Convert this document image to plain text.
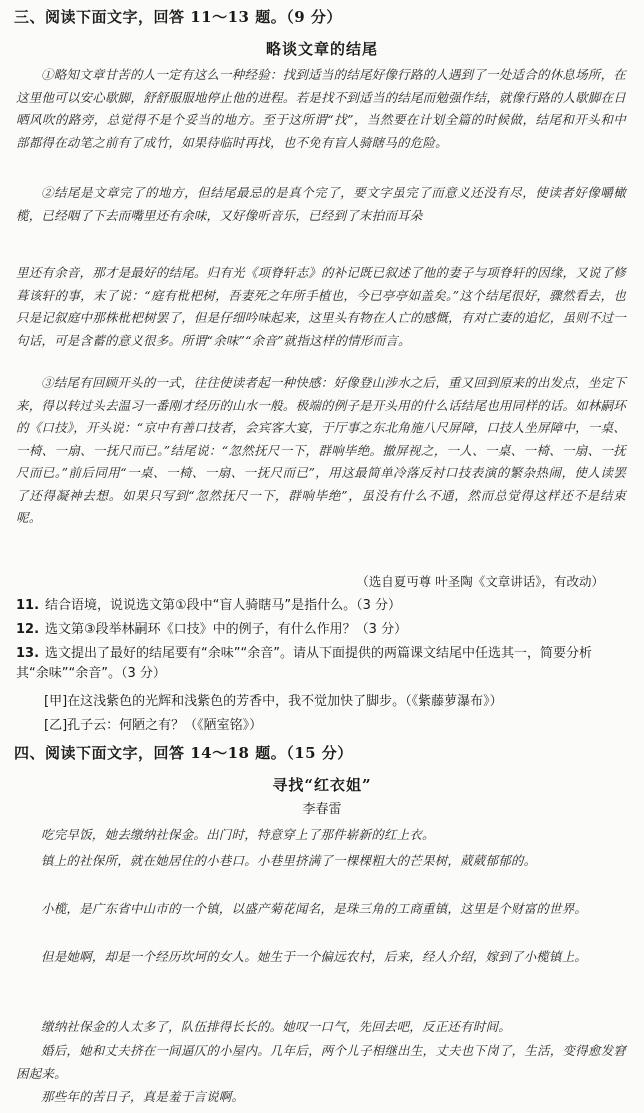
三、阅读下面文字，回答 11～13 题。（9 分）
略谈文章的结尾
①略知文章甘苦的人一定有这么一种经验：找到适当的结尾好像行路的人遇到了一处适合的休息场所，在这里他可以安心歇脚，舒舒服服地停止他的进程。若是找不到适当的结尾而勉强作结，就像行路的人歇脚在日晒风吹的路旁，总觉得不是个妥当的地方。至于这所谓“找”，当然要在计划全篇的时候做，结尾和开头和中部都得在动笔之前有了成竹，如果待临时再找，也不免有盲人骑瞎马的危险。
②结尾是文章完了的地方，但结尾最忌的是真个完了，要文字虽完了而意义还没有尽，使读者好像嚼橄榄，已经咽了下去而嘴里还有余味，又好像听音乐，已经到了末拍而耳朵
里还有余音，那才是最好的结尾。归有光《项脊轩志》的补记既已叙述了他的妻子与项脊轩的因缘，又说了修葺该轩的事，末了说：“庭有枇杷树，吾妻死之年所手植也，今已亭亭如盖矣。”这个结尾很好，骤然看去，也只是记叙庭中那株枇杷树罢了，但是仔细吟味起来，这里头有物在人亡的感慨，有对亡妻的追忆，虽则不过一句话，可是含蓄的意义很多。所谓“余味”“余音”就指这样的情形而言。
③结尾有回顾开头的一式，往往使读者起一种快感：好像登山涉水之后，重又回到原来的出发点，坐定下来，得以转过头去温习一番刚才经历的山水一般。极端的例子是开头用的什么话结尾也用同样的话。如林嗣环的《口技》，开头说：“京中有善口技者，会宾客大宴，于厅事之东北角施八尺屏障，口技人坐屏障中，一桌、一椅、一扇、一抚尺而已。”结尾说：“忽然抚尺一下，群响毕绝。撤屏视之，一人、一桌、一椅、一扇、一抚尺而已。”前后同用“一桌、一椅、一扇、一抚尺而已”，用这最简单冷落反衬口技表演的繁杂热闹，使人读罢了还得凝神去想。如果只写到“忽然抚尺一下，群响毕绝”，虽没有什么不通，然而总觉得这样还不是结束呢。
（选自夏丏尊 叶圣陶《文章讲话》，有改动）
11. 结合语境，说说选文第①段中“盲人骑瞎马”是指什么。（3 分）
12. 选文第③段举林嗣环《口技》中的例子，有什么作用？（3 分）
13. 选文提出了最好的结尾要有“余味”“余音”。请从下面提供的两篇课文结尾中任选其一，简要分析其“余味”“余音”。（3 分）
[甲]在这浅紫色的光辉和浅紫色的芳香中，我不觉加快了脚步。（《紫藤萝瀑布》）
[乙]孔子云：何陋之有？（《陋室铭》）
四、阅读下面文字，回答 14～18 题。（15 分）
寻找“红衣姐”
李春雷
吃完早饭，她去缴纳社保金。出门时，特意穿上了那件崭新的红上衣。
镇上的社保所，就在她居住的小巷口。小巷里挤满了一棵棵粗大的芒果树，葳葳郁郁的。
小榄，是广东省中山市的一个镇，以盛产菊花闻名，是珠三角的工商重镇，这里是个财富的世界。
但是她啊，却是一个经历坎坷的女人。她生于一个偏远农村，后来，经人介绍，嫁到了小榄镇上。
缴纳社保金的人太多了，队伍排得长长的。她叹一口气，先回去吧，反正还有时间。
婚后，她和丈夫挤在一间逼仄的小屋内。几年后，两个儿子相继出生，丈夫也下岗了，生活，变得愈发窘困起来。
那些年的苦日子，真是羞于言说啊。
